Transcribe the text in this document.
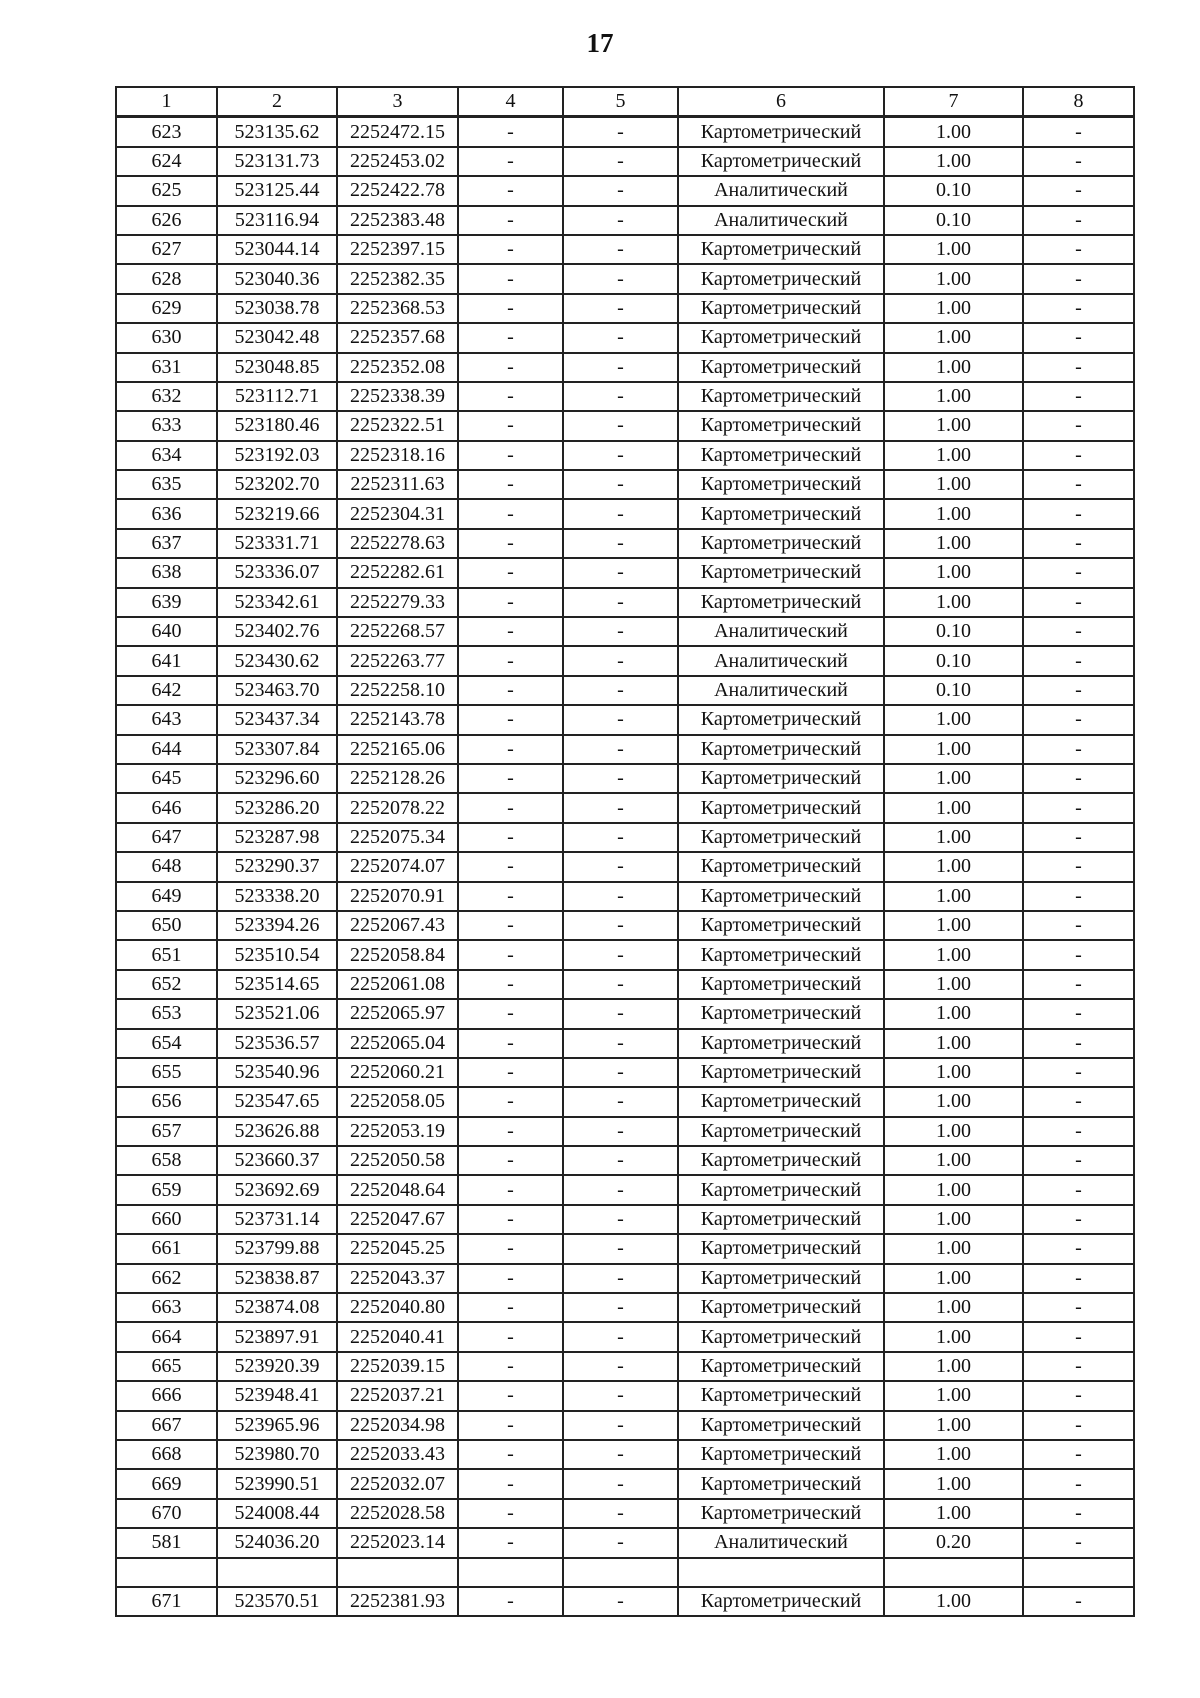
17
1	2	3	4	5	6	7	8
623	523135.62	2252472.15	-	-	Картометрический	1.00	-
624	523131.73	2252453.02	-	-	Картометрический	1.00	-
625	523125.44	2252422.78	-	-	Аналитический	0.10	-
626	523116.94	2252383.48	-	-	Аналитический	0.10	-
627	523044.14	2252397.15	-	-	Картометрический	1.00	-
628	523040.36	2252382.35	-	-	Картометрический	1.00	-
629	523038.78	2252368.53	-	-	Картометрический	1.00	-
630	523042.48	2252357.68	-	-	Картометрический	1.00	-
631	523048.85	2252352.08	-	-	Картометрический	1.00	-
632	523112.71	2252338.39	-	-	Картометрический	1.00	-
633	523180.46	2252322.51	-	-	Картометрический	1.00	-
634	523192.03	2252318.16	-	-	Картометрический	1.00	-
635	523202.70	2252311.63	-	-	Картометрический	1.00	-
636	523219.66	2252304.31	-	-	Картометрический	1.00	-
637	523331.71	2252278.63	-	-	Картометрический	1.00	-
638	523336.07	2252282.61	-	-	Картометрический	1.00	-
639	523342.61	2252279.33	-	-	Картометрический	1.00	-
640	523402.76	2252268.57	-	-	Аналитический	0.10	-
641	523430.62	2252263.77	-	-	Аналитический	0.10	-
642	523463.70	2252258.10	-	-	Аналитический	0.10	-
643	523437.34	2252143.78	-	-	Картометрический	1.00	-
644	523307.84	2252165.06	-	-	Картометрический	1.00	-
645	523296.60	2252128.26	-	-	Картометрический	1.00	-
646	523286.20	2252078.22	-	-	Картометрический	1.00	-
647	523287.98	2252075.34	-	-	Картометрический	1.00	-
648	523290.37	2252074.07	-	-	Картометрический	1.00	-
649	523338.20	2252070.91	-	-	Картометрический	1.00	-
650	523394.26	2252067.43	-	-	Картометрический	1.00	-
651	523510.54	2252058.84	-	-	Картометрический	1.00	-
652	523514.65	2252061.08	-	-	Картометрический	1.00	-
653	523521.06	2252065.97	-	-	Картометрический	1.00	-
654	523536.57	2252065.04	-	-	Картометрический	1.00	-
655	523540.96	2252060.21	-	-	Картометрический	1.00	-
656	523547.65	2252058.05	-	-	Картометрический	1.00	-
657	523626.88	2252053.19	-	-	Картометрический	1.00	-
658	523660.37	2252050.58	-	-	Картометрический	1.00	-
659	523692.69	2252048.64	-	-	Картометрический	1.00	-
660	523731.14	2252047.67	-	-	Картометрический	1.00	-
661	523799.88	2252045.25	-	-	Картометрический	1.00	-
662	523838.87	2252043.37	-	-	Картометрический	1.00	-
663	523874.08	2252040.80	-	-	Картометрический	1.00	-
664	523897.91	2252040.41	-	-	Картометрический	1.00	-
665	523920.39	2252039.15	-	-	Картометрический	1.00	-
666	523948.41	2252037.21	-	-	Картометрический	1.00	-
667	523965.96	2252034.98	-	-	Картометрический	1.00	-
668	523980.70	2252033.43	-	-	Картометрический	1.00	-
669	523990.51	2252032.07	-	-	Картометрический	1.00	-
670	524008.44	2252028.58	-	-	Картометрический	1.00	-
581	524036.20	2252023.14	-	-	Аналитический	0.20	-

671	523570.51	2252381.93	-	-	Картометрический	1.00	-
